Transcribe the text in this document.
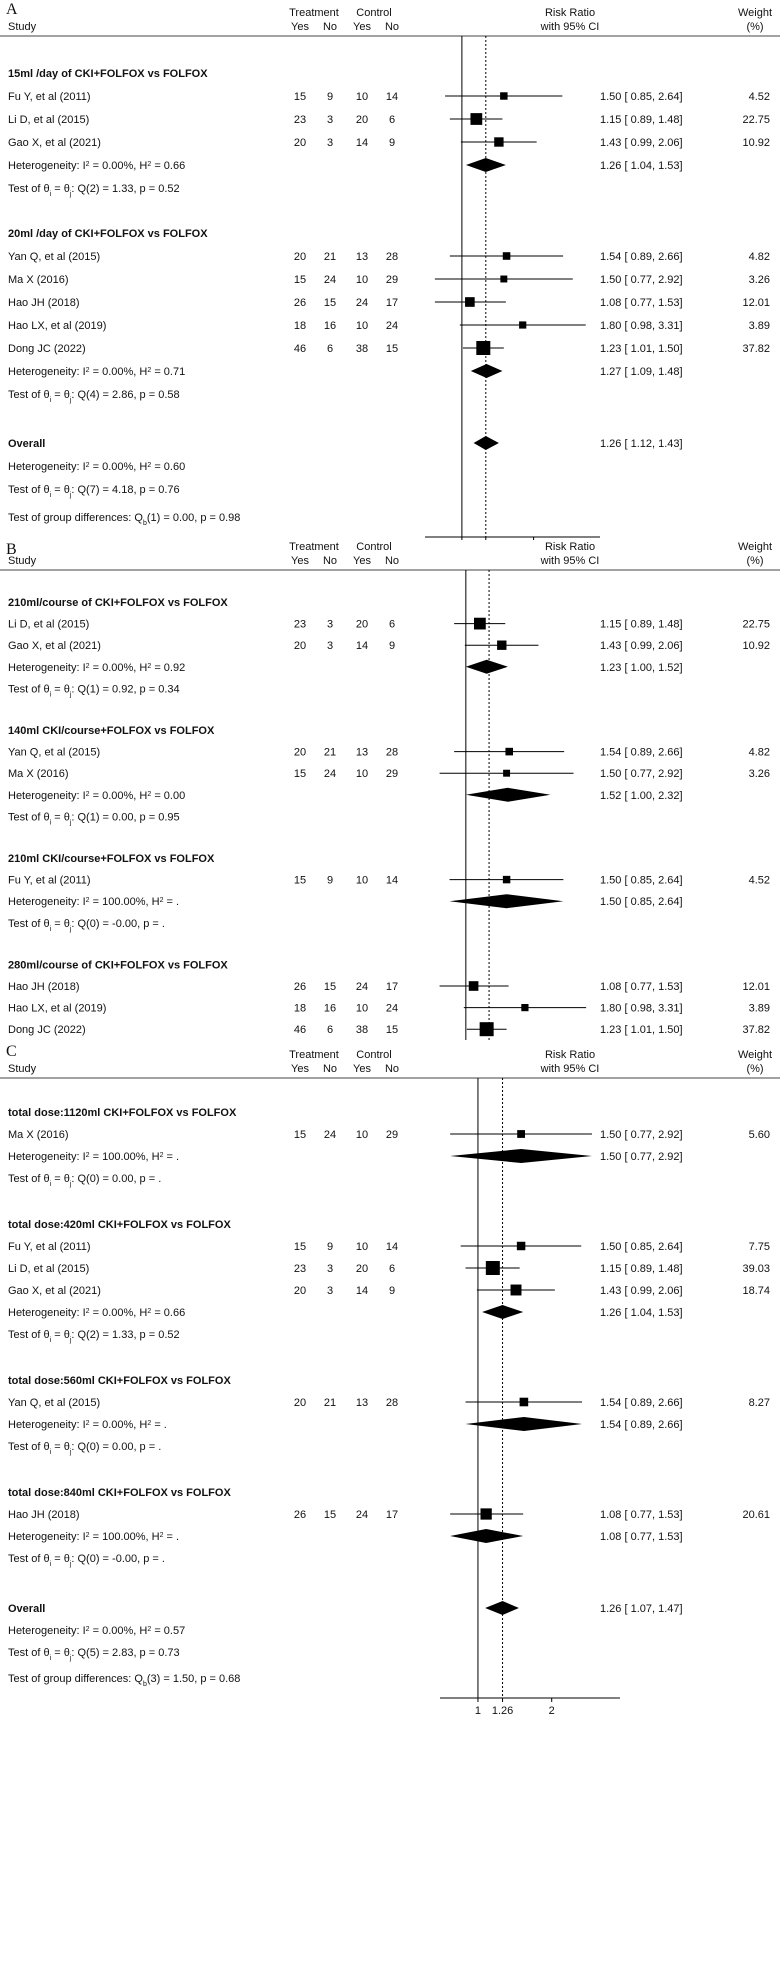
A	Treatment Control	Risk Ratio	Weight
Study	Yes No Yes No	with 95% CI	(%)
15ml /day of CKI+FOLFOX vs FOLFOX
Fu Y, et al (2011)	15 9 10 14	1.50 [ 0.85, 2.64]	4.52
Li D, et al (2015)	23 3 20 6	1.15 [ 0.89, 1.48]	22.75
Gao X, et al (2021)	20 3 14 9	1.43 [ 0.99, 2.06]	10.92
Heterogeneity: $I^2 = 0.00\%$, $H^2 = 0.66$	1.26 [ 1.04, 1.53]
Test of $\theta_i = \theta_j$: Q(2) = 1.33, p = 0.52
20ml /day of CKI+FOLFOX vs FOLFOX
Yan Q, et al (2015)	20 21 13 28	1.54 [ 0.89, 2.66]	4.82
Ma X (2016)	15 24 10 29	1.50 [ 0.77, 2.92]	3.26
Hao JH (2018)	26 15 24 17	1.08 [ 0.77, 1.53]	12.01
Hao LX, et al (2019)	18 16 10 24	1.80 [ 0.98, 3.31]	3.89
Dong JC (2022)	46 6 38 15	1.23 [ 1.01, 1.50]	37.82
Heterogeneity: $I^2 = 0.00\%$, $H^2 = 0.71$	1.27 [ 1.09, 1.48]
Test of $\theta_i = \theta_j$: Q(4) = 2.86, p = 0.58
Overall	1.26 [ 1.12, 1.43]
Heterogeneity: $I^2 = 0.00\%$, $H^2 = 0.60$
Test of $\theta_i = \theta_j$: Q(7) = 4.18, p = 0.76
Test of group differences: $Q_b(1) = 0.00$, p = 0.98
B	Treatment Control	Risk Ratio	Weight
Study	Yes No Yes No	with 95% CI	(%)
210ml/course of CKI+FOLFOX vs FOLFOX
Li D, et al (2015)	23 3 20 6	1.15 [ 0.89, 1.48]	22.75
Gao X, et al (2021)	20 3 14 9	1.43 [ 0.99, 2.06]	10.92
Heterogeneity: $I^2 = 0.00\%$, $H^2 = 0.92$	1.23 [ 1.00, 1.52]
Test of $\theta_i = \theta_j$: Q(1) = 0.92, p = 0.34
140ml CKI/course+FOLFOX vs FOLFOX
Yan Q, et al (2015)	20 21 13 28	1.54 [ 0.89, 2.66]	4.82
Ma X (2016)	15 24 10 29	1.50 [ 0.77, 2.92]	3.26
Heterogeneity: $I^2 = 0.00\%$, $H^2 = 0.00$	1.52 [ 1.00, 2.32]
Test of $\theta_i = \theta_j$: Q(1) = 0.00, p = 0.95
210ml CKI/course+FOLFOX vs FOLFOX
Fu Y, et al (2011)	15 9 10 14	1.50 [ 0.85, 2.64]	4.52
Heterogeneity: $I^2 = 100.00\%$, $H^2$ = .	1.50 [ 0.85, 2.64]
Test of $\theta_i = \theta_j$: Q(0) = -0.00, p = .
280ml/course of CKI+FOLFOX vs FOLFOX
Hao JH (2018)	26 15 24 17	1.08 [ 0.77, 1.53]	12.01
Hao LX, et al (2019)	18 16 10 24	1.80 [ 0.98, 3.31]	3.89
Dong JC (2022)	46 6 38 15	1.23 [ 1.01, 1.50]	37.82
C	Treatment Control	Risk Ratio	Weight
Study	Yes No Yes No	with 95% CI	(%)
total dose:1120ml CKI+FOLFOX vs FOLFOX
Ma X (2016)	15 24 10 29	1.50 [ 0.77, 2.92]	5.60
Heterogeneity: $I^2 = 100.00\%$, $H^2$ = .	1.50 [ 0.77, 2.92]
Test of $\theta_i = \theta_j$: Q(0) = 0.00, p = .
total dose:420ml CKI+FOLFOX vs FOLFOX
Fu Y, et al (2011)	15 9 10 14	1.50 [ 0.85, 2.64]	7.75
Li D, et al (2015)	23 3 20 6	1.15 [ 0.89, 1.48]	39.03
Gao X, et al (2021)	20 3 14 9	1.43 [ 0.99, 2.06]	18.74
Heterogeneity: $I^2 = 0.00\%$, $H^2 = 0.66$	1.26 [ 1.04, 1.53]
Test of $\theta_i = \theta_j$: Q(2) = 1.33, p = 0.52
total dose:560ml CKI+FOLFOX vs FOLFOX
Yan Q, et al (2015)	20 21 13 28	1.54 [ 0.89, 2.66]	8.27
Heterogeneity: $I^2 = 0.00\%$, $H^2$ = .	1.54 [ 0.89, 2.66]
Test of $\theta_i = \theta_j$: Q(0) = 0.00, p = .
total dose:840ml CKI+FOLFOX vs FOLFOX
Hao JH (2018)	26 15 24 17	1.08 [ 0.77, 1.53]	20.61
Heterogeneity: $I^2 = 100.00\%$, $H^2$ = .	1.08 [ 0.77, 1.53]
Test of $\theta_i = \theta_j$: Q(0) = -0.00, p = .
Overall	1.26 [ 1.07, 1.47]
Heterogeneity: $I^2 = 0.00\%$, $H^2 = 0.57$
Test of $\theta_i = \theta_j$: Q(5) = 2.83, p = 0.73
Test of group differences: $Q_b(3) = 1.50$, p = 0.68
1 1.26	2
